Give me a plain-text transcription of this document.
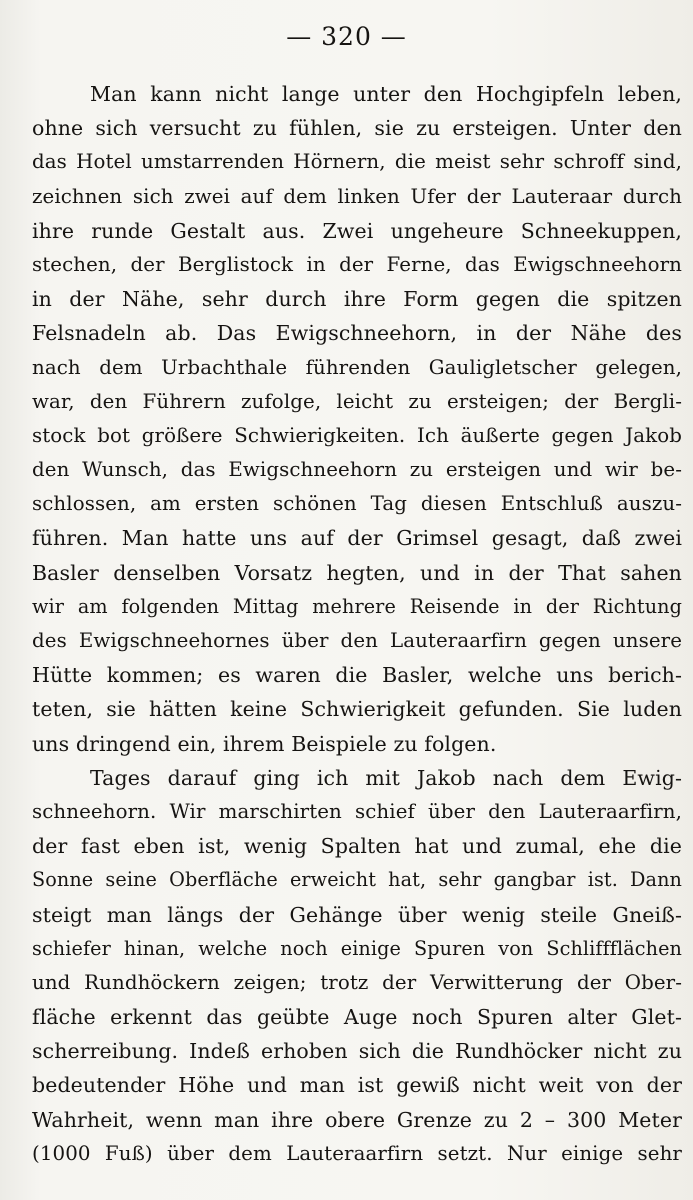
— 320 —
Man kann nicht lange unter den Hochgipfeln leben,
ohne sich versucht zu fühlen, sie zu ersteigen. Unter den
das Hotel umstarrenden Hörnern, die meist sehr schroff sind,
zeichnen sich zwei auf dem linken Ufer der Lauteraar durch
ihre runde Gestalt aus. Zwei ungeheure Schneekuppen,
stechen, der Berglistock in der Ferne, das Ewigschneehorn
in der Nähe, sehr durch ihre Form gegen die spitzen
Felsnadeln ab. Das Ewigschneehorn, in der Nähe des
nach dem Urbachthale führenden Gauligletscher gelegen,
war, den Führern zufolge, leicht zu ersteigen; der Bergli-
stock bot größere Schwierigkeiten. Ich äußerte gegen Jakob
den Wunsch, das Ewigschneehorn zu ersteigen und wir be-
schlossen, am ersten schönen Tag diesen Entschluß auszu-
führen. Man hatte uns auf der Grimsel gesagt, daß zwei
Basler denselben Vorsatz hegten, und in der That sahen
wir am folgenden Mittag mehrere Reisende in der Richtung
des Ewigschneehornes über den Lauteraarfirn gegen unsere
Hütte kommen; es waren die Basler, welche uns berich-
teten, sie hätten keine Schwierigkeit gefunden. Sie luden
uns dringend ein, ihrem Beispiele zu folgen.
Tages darauf ging ich mit Jakob nach dem Ewig-
schneehorn. Wir marschirten schief über den Lauteraarfirn,
der fast eben ist, wenig Spalten hat und zumal, ehe die
Sonne seine Oberfläche erweicht hat, sehr gangbar ist. Dann
steigt man längs der Gehänge über wenig steile Gneiß-
schiefer hinan, welche noch einige Spuren von Schliffflächen
und Rundhöckern zeigen; trotz der Verwitterung der Ober-
fläche erkennt das geübte Auge noch Spuren alter Glet-
scherreibung. Indeß erhoben sich die Rundhöcker nicht zu
bedeutender Höhe und man ist gewiß nicht weit von der
Wahrheit, wenn man ihre obere Grenze zu 2 – 300 Meter
(1000 Fuß) über dem Lauteraarfirn setzt. Nur einige sehr
